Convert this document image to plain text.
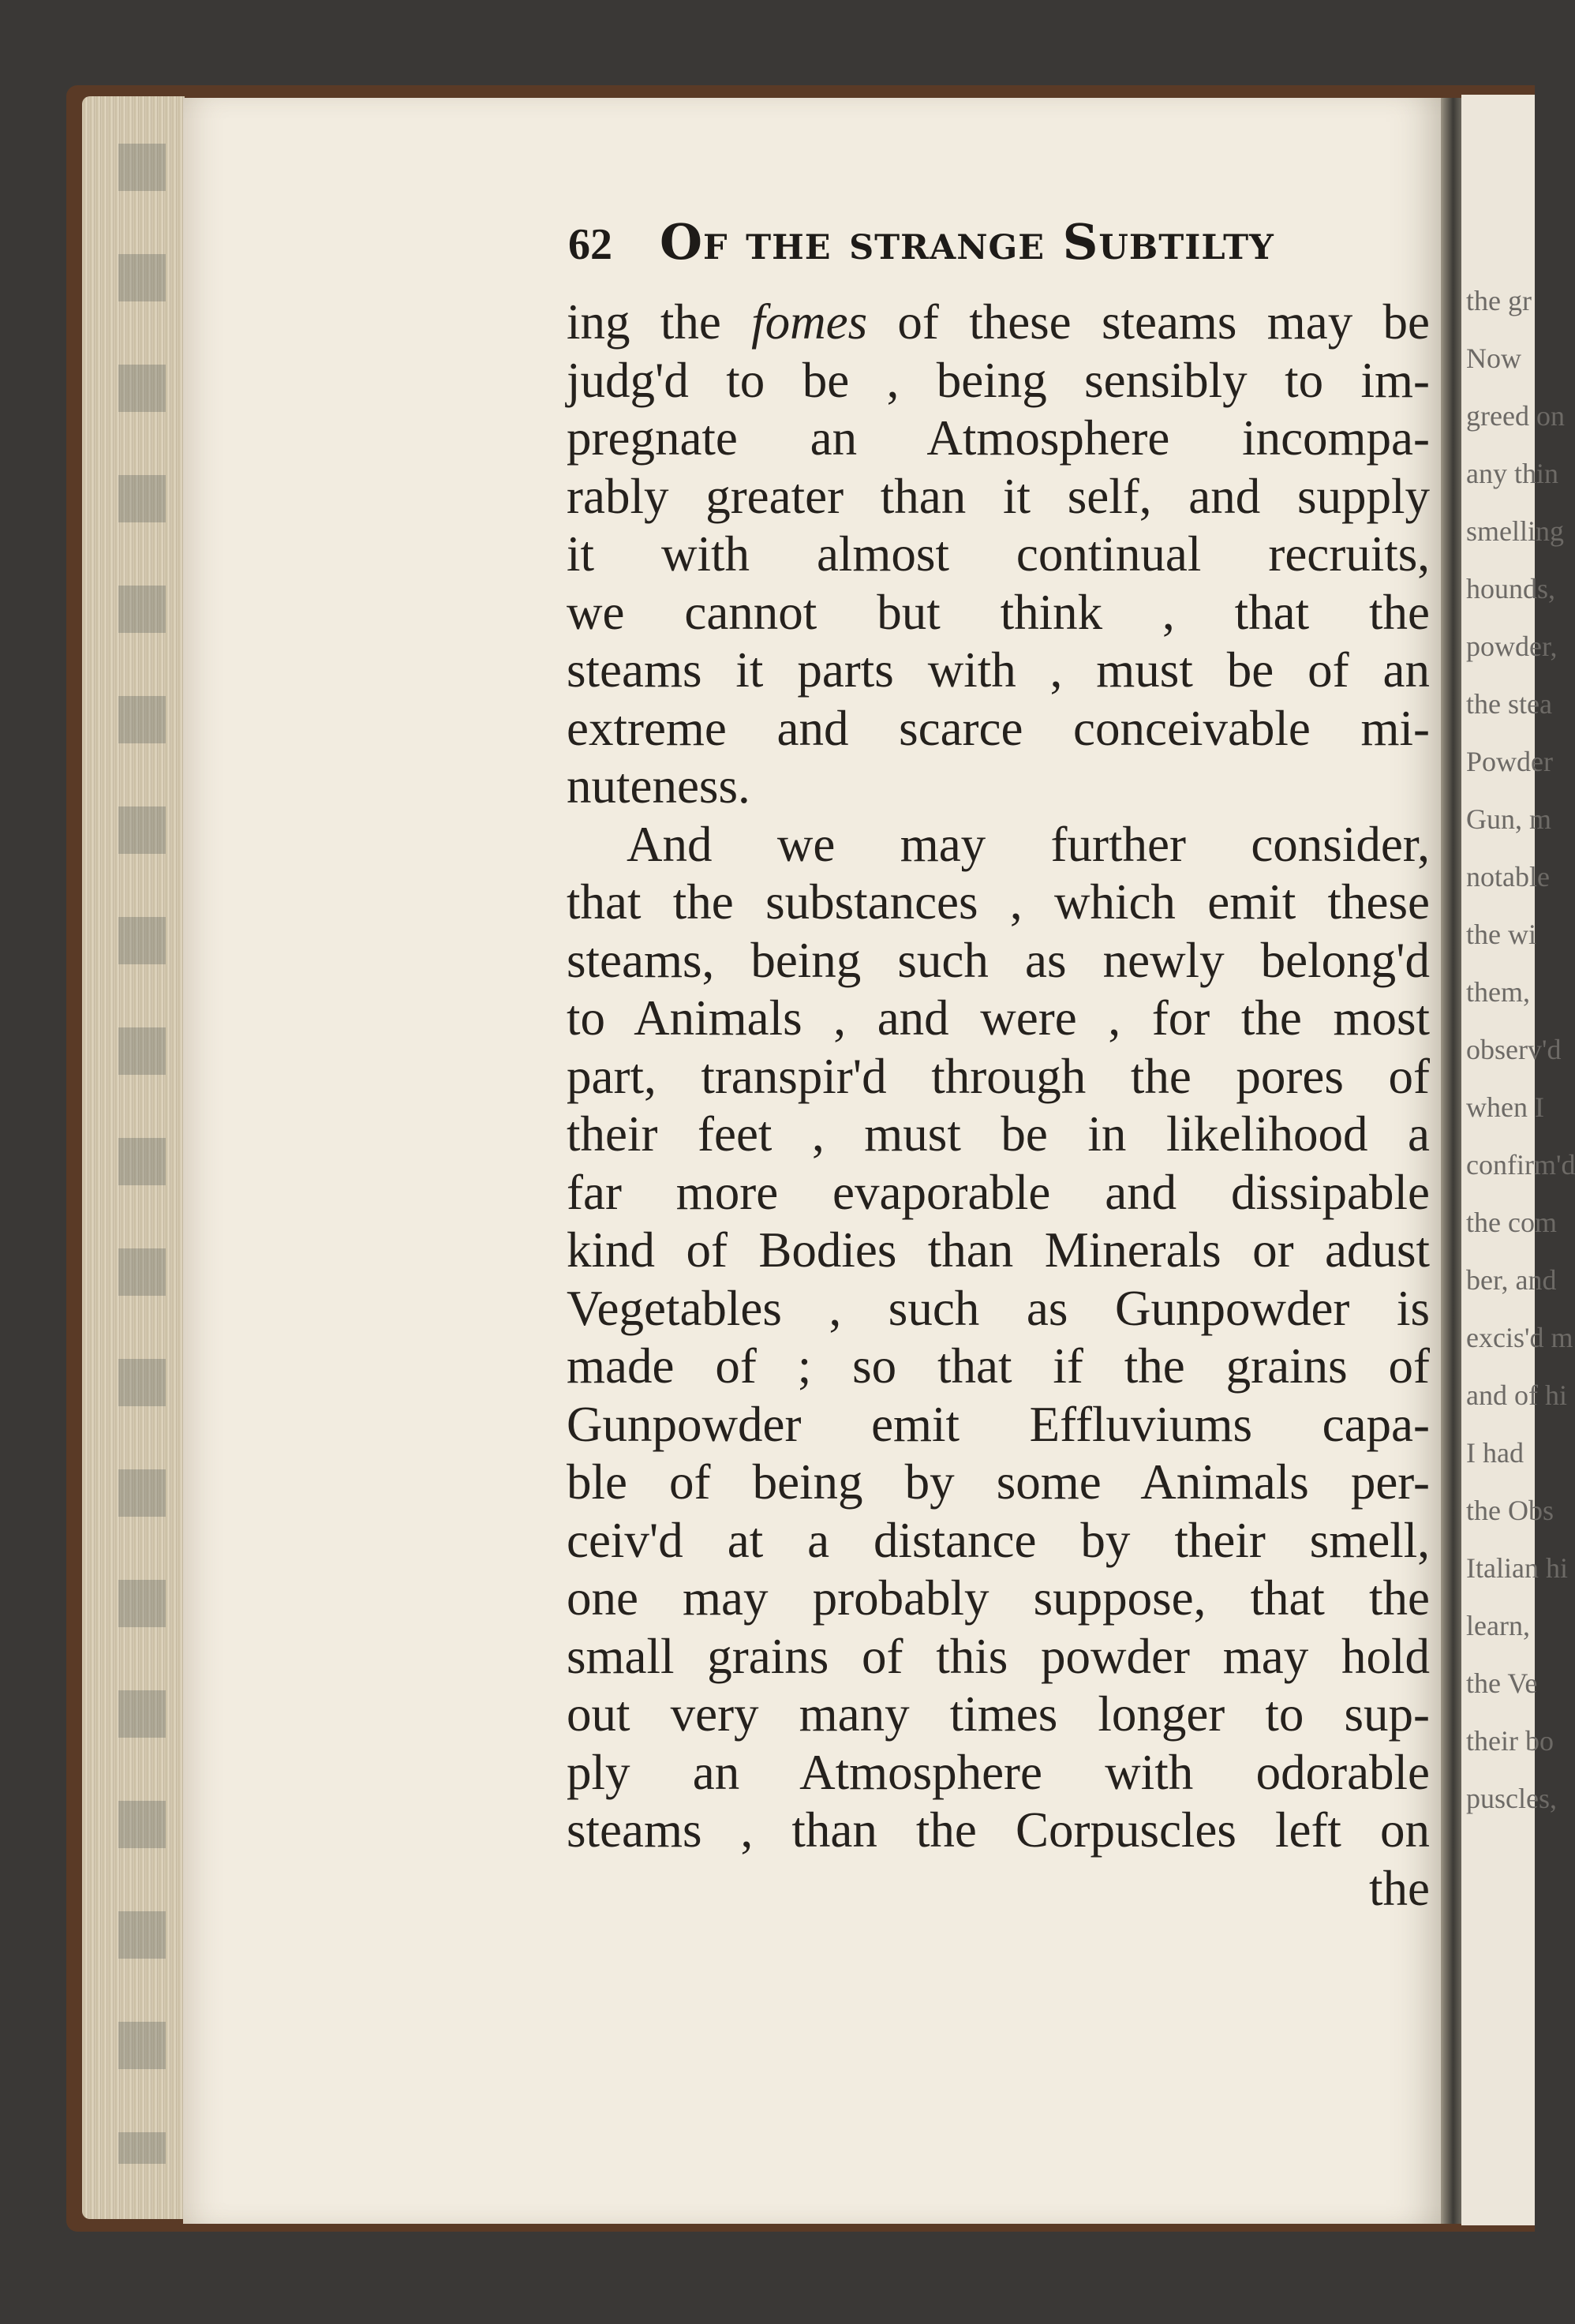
62 Of the strange Subtilty
ing the fomes of these steams may be
judg'd to be , being sensibly to im-
pregnate an Atmosphere incompa-
rably greater than it self, and supply
it with almost continual recruits,
we cannot but think , that the
steams it parts with , must be of an
extreme and scarce conceivable mi-
nuteness.
And we may further consider,
that the substances , which emit these
steams, being such as newly belong'd
to Animals , and were , for the most
part, transpir'd through the pores of
their feet , must be in likelihood a
far more evaporable and dissipable
kind of Bodies than Minerals or adust
Vegetables , such as Gunpowder is
made of ; so that if the grains of
Gunpowder emit Effluviums capa-
ble of being by some Animals per-
ceiv'd at a distance by their smell,
one may probably suppose, that the
small grains of this powder may hold
out very many times longer to sup-
ply an Atmosphere with odorable
steams , than the Corpuscles left on
the
the gr
Now
greed on
any thin
smelling
hounds,
powder,
the stea
Powder
Gun, m
notable
the wi
them,
observ'd
when I
confirm'd
the com
ber, and
excis'd m
and of hi
I had
the Obs
Italian hi
learn,
the Ve
their bo
puscles,
